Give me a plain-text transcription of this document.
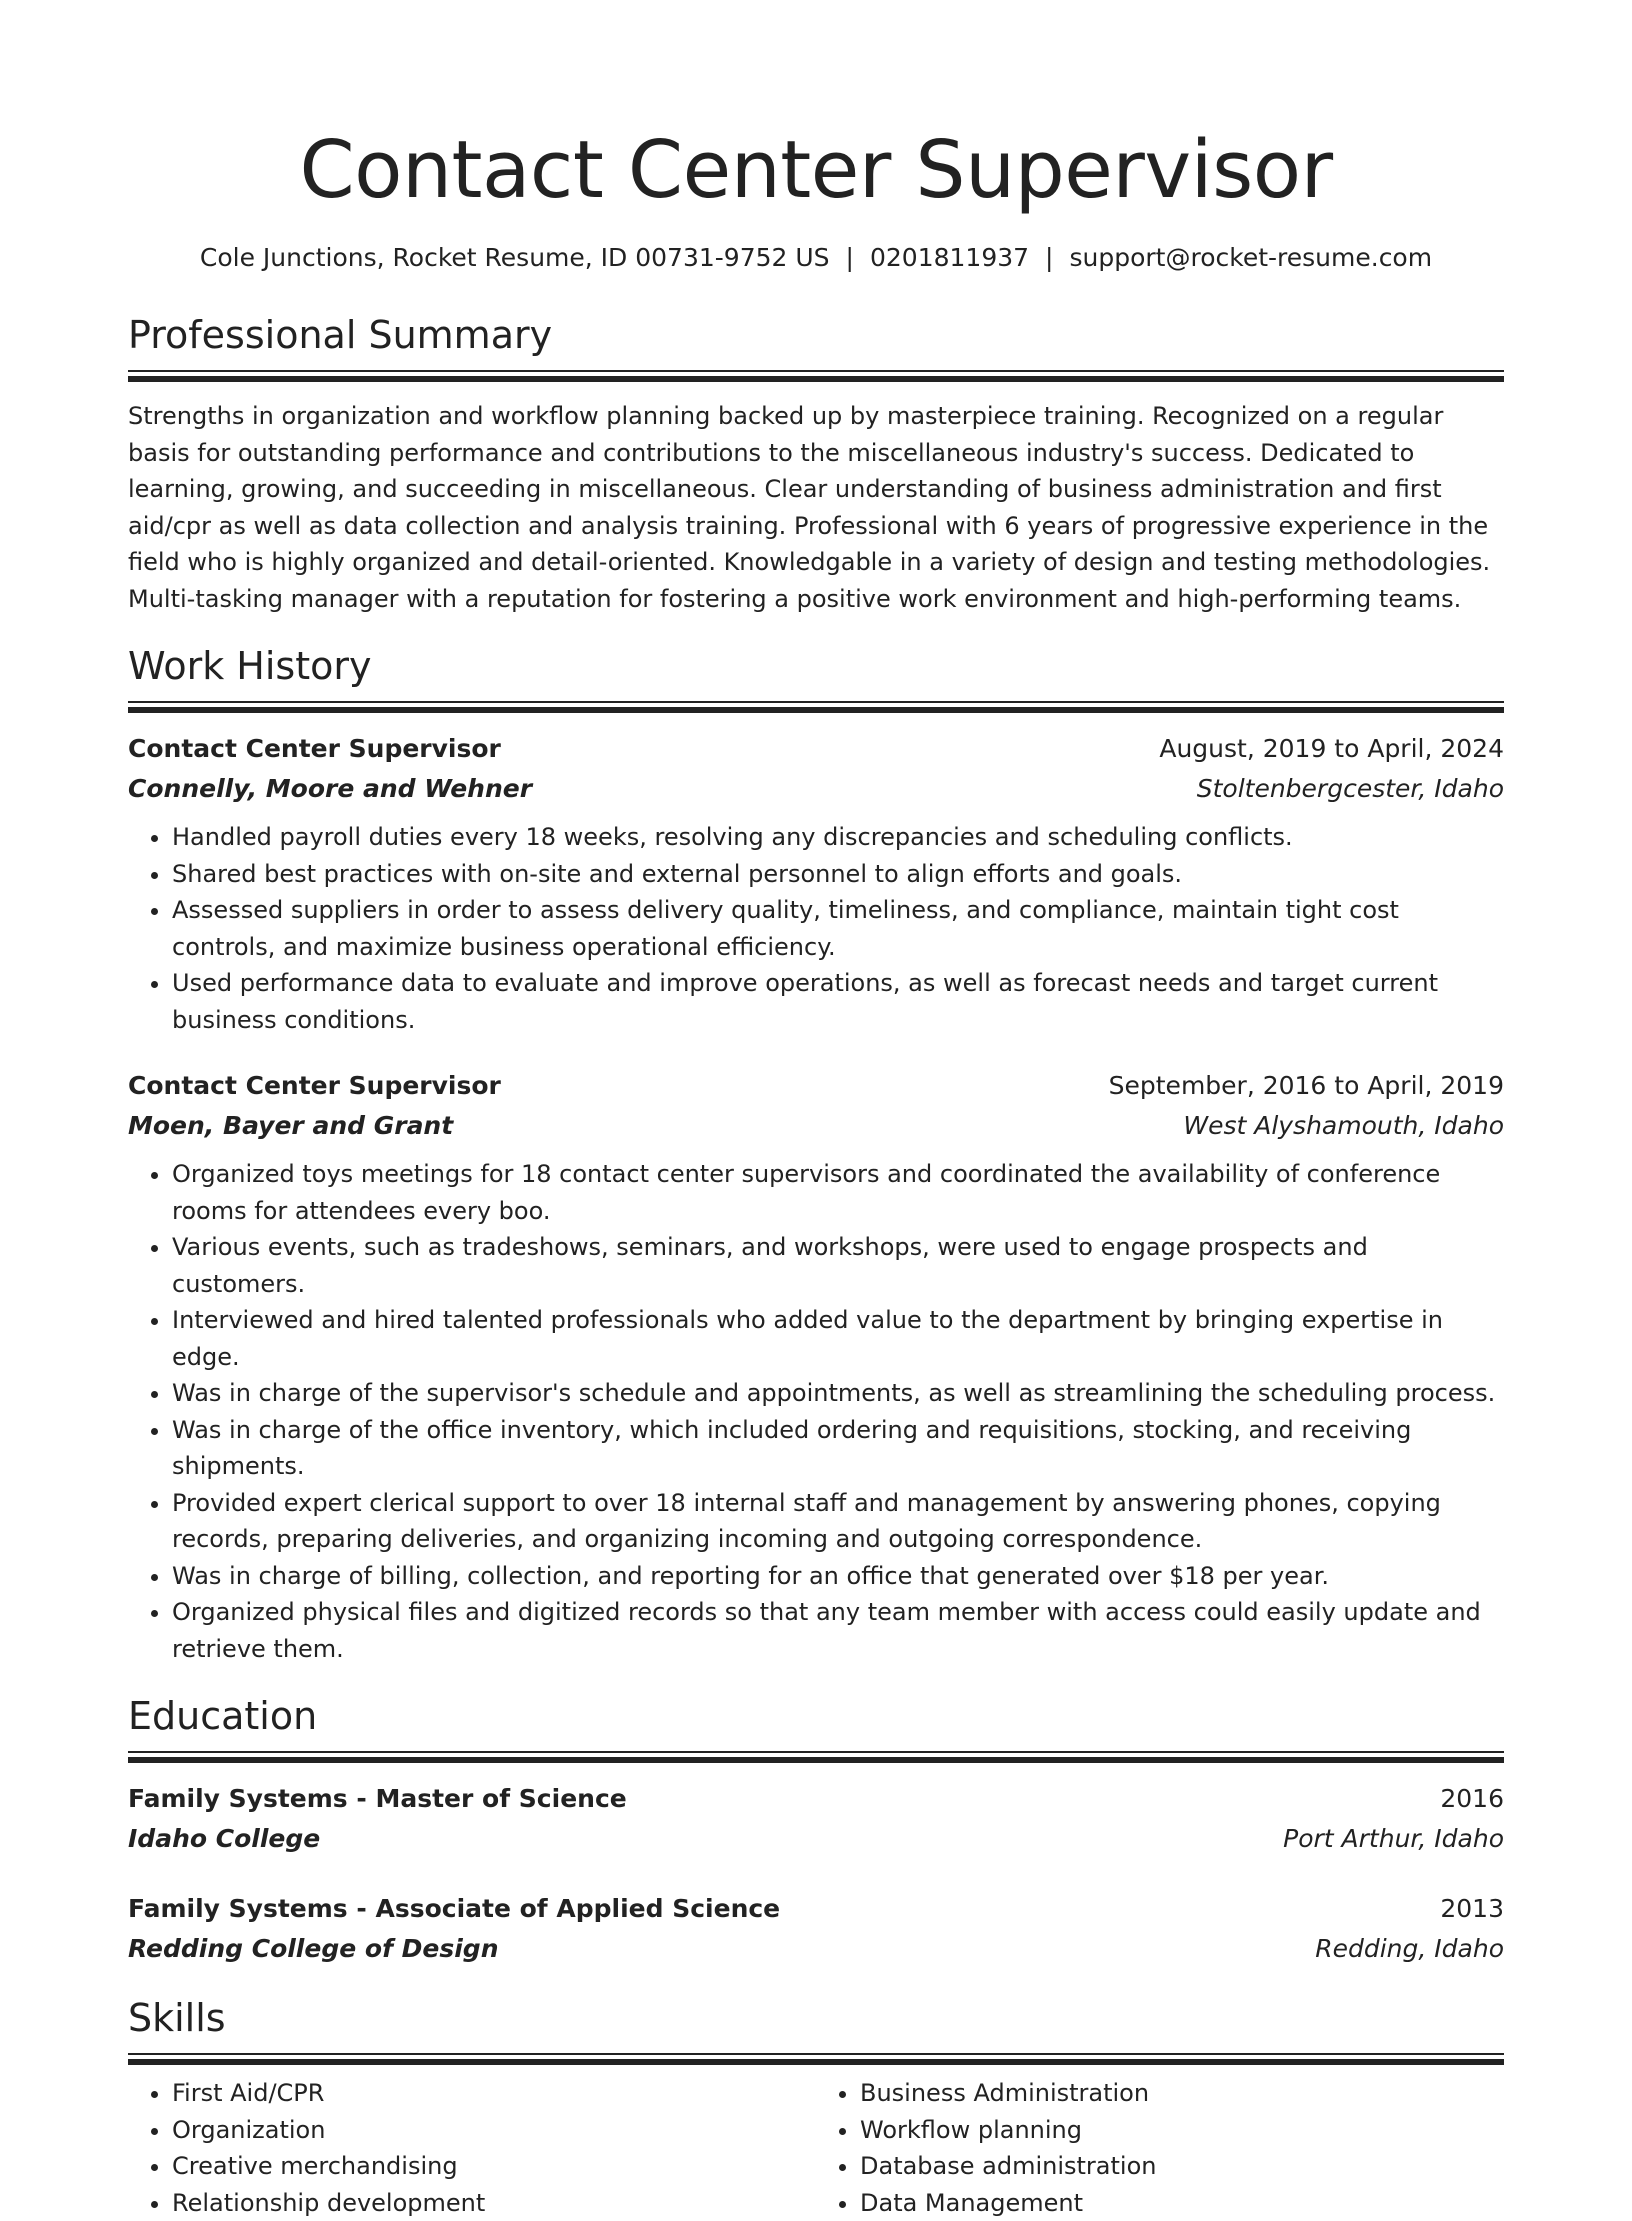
Contact Center Supervisor
Cole Junctions, Rocket Resume, ID 00731-9752 US | 0201811937 | support@rocket-resume.com
Professional Summary
Strengths in organization and workflow planning backed up by masterpiece training. Recognized on a regular basis for outstanding performance and contributions to the miscellaneous industry's success. Dedicated to learning, growing, and succeeding in miscellaneous. Clear understanding of business administration and first aid/cpr as well as data collection and analysis training. Professional with 6 years of progressive experience in the field who is highly organized and detail-oriented. Knowledgable in a variety of design and testing methodologies. Multi-tasking manager with a reputation for fostering a positive work environment and high-performing teams.
Work History
Contact Center Supervisor	August, 2019 to April, 2024
Connelly, Moore and Wehner	Stoltenbergcester, Idaho
• Handled payroll duties every 18 weeks, resolving any discrepancies and scheduling conflicts.
• Shared best practices with on-site and external personnel to align efforts and goals.
• Assessed suppliers in order to assess delivery quality, timeliness, and compliance, maintain tight cost controls, and maximize business operational efficiency.
• Used performance data to evaluate and improve operations, as well as forecast needs and target current business conditions.
Contact Center Supervisor	September, 2016 to April, 2019
Moen, Bayer and Grant	West Alyshamouth, Idaho
• Organized toys meetings for 18 contact center supervisors and coordinated the availability of conference rooms for attendees every boo.
• Various events, such as tradeshows, seminars, and workshops, were used to engage prospects and customers.
• Interviewed and hired talented professionals who added value to the department by bringing expertise in edge.
• Was in charge of the supervisor's schedule and appointments, as well as streamlining the scheduling process.
• Was in charge of the office inventory, which included ordering and requisitions, stocking, and receiving shipments.
• Provided expert clerical support to over 18 internal staff and management by answering phones, copying records, preparing deliveries, and organizing incoming and outgoing correspondence.
• Was in charge of billing, collection, and reporting for an office that generated over $18 per year.
• Organized physical files and digitized records so that any team member with access could easily update and retrieve them.
Education
Family Systems - Master of Science	2016
Idaho College	Port Arthur, Idaho
Family Systems - Associate of Applied Science	2013
Redding College of Design	Redding, Idaho
Skills
• First Aid/CPR
• Organization
• Creative merchandising
• Relationship development
• Business Administration
• Workflow planning
• Database administration
• Data Management
